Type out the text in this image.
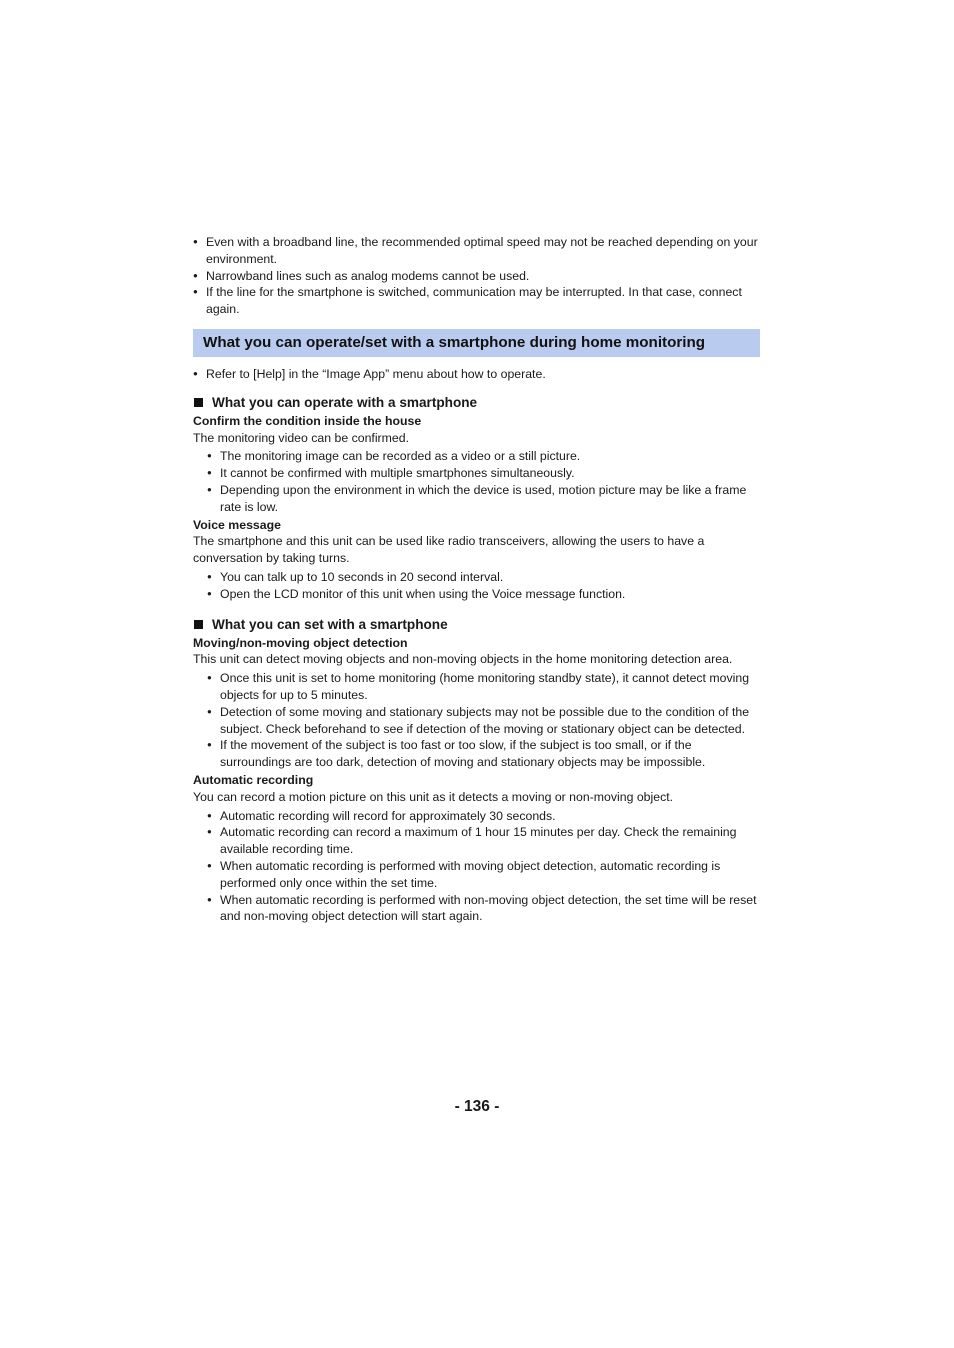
● Even with a broadband line, the recommended optimal speed may not be reached depending on your environment.
● Narrowband lines such as analog modems cannot be used.
● If the line for the smartphone is switched, communication may be interrupted. In that case, connect again.
What you can operate/set with a smartphone during home monitoring
● Refer to [Help] in the “Image App” menu about how to operate.
What you can operate with a smartphone
Confirm the condition inside the house
The monitoring video can be confirmed.
● The monitoring image can be recorded as a video or a still picture.
● It cannot be confirmed with multiple smartphones simultaneously.
● Depending upon the environment in which the device is used, motion picture may be like a frame rate is low.
Voice message
The smartphone and this unit can be used like radio transceivers, allowing the users to have a conversation by taking turns.
● You can talk up to 10 seconds in 20 second interval.
● Open the LCD monitor of this unit when using the Voice message function.
What you can set with a smartphone
Moving/non-moving object detection
This unit can detect moving objects and non-moving objects in the home monitoring detection area.
● Once this unit is set to home monitoring (home monitoring standby state), it cannot detect moving objects for up to 5 minutes.
● Detection of some moving and stationary subjects may not be possible due to the condition of the subject. Check beforehand to see if detection of the moving or stationary object can be detected.
● If the movement of the subject is too fast or too slow, if the subject is too small, or if the surroundings are too dark, detection of moving and stationary objects may be impossible.
Automatic recording
You can record a motion picture on this unit as it detects a moving or non-moving object.
● Automatic recording will record for approximately 30 seconds.
● Automatic recording can record a maximum of 1 hour 15 minutes per day. Check the remaining available recording time.
● When automatic recording is performed with moving object detection, automatic recording is performed only once within the set time.
● When automatic recording is performed with non-moving object detection, the set time will be reset and non-moving object detection will start again.
- 136 -
